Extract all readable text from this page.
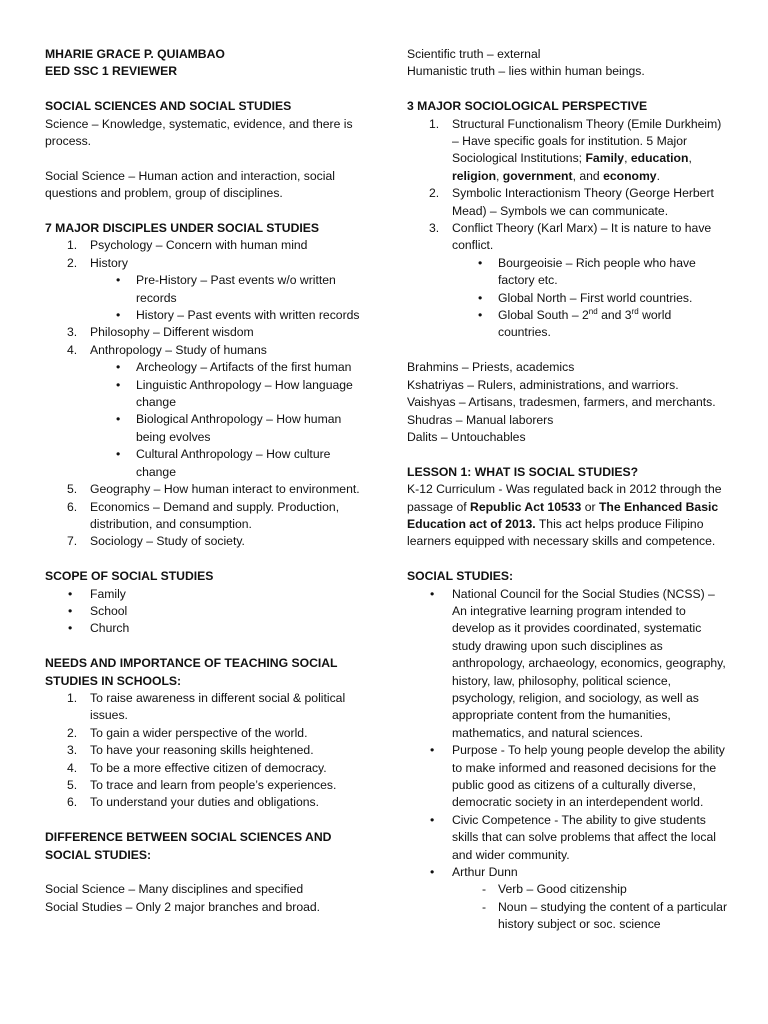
MHARIE GRACE P. QUIAMBAO

EED SSC 1 REVIEWER

SOCIAL SCIENCES AND SOCIAL STUDIES

Science – Knowledge, systematic, evidence, and there is process.

Social Science – Human action and interaction, social questions and problem, group of disciplines.

7 MAJOR DISCIPLES UNDER SOCIAL STUDIES

1. Psychology – Concern with human mind
2. History
• Pre-History – Past events w/o written records
• History – Past events with written records
3. Philosophy – Different wisdom
4. Anthropology – Study of humans
• Archeology – Artifacts of the first human
• Linguistic Anthropology – How language change
• Biological Anthropology – How human being evolves
• Cultural Anthropology – How culture change
5. Geography – How human interact to environment.
6. Economics – Demand and supply. Production, distribution, and consumption.
7. Sociology – Study of society.

SCOPE OF SOCIAL STUDIES

• Family
• School
• Church

NEEDS AND IMPORTANCE OF TEACHING SOCIAL STUDIES IN SCHOOLS:

1. To raise awareness in different social & political issues.
2. To gain a wider perspective of the world.
3. To have your reasoning skills heightened.
4. To be a more effective citizen of democracy.
5. To trace and learn from people’s experiences.
6. To understand your duties and obligations.

DIFFERENCE BETWEEN SOCIAL SCIENCES AND SOCIAL STUDIES:

Social Science – Many disciplines and specified

Social Studies – Only 2 major branches and broad.

Scientific truth – external

Humanistic truth – lies within human beings.

3 MAJOR SOCIOLOGICAL PERSPECTIVE

1. Structural Functionalism Theory (Emile Durkheim) – Have specific goals for institution. 5 Major Sociological Institutions; Family, education, religion, government, and economy.
2. Symbolic Interactionism Theory (George Herbert Mead) – Symbols we can communicate.
3. Conflict Theory (Karl Marx) – It is nature to have conflict.
• Bourgeoisie – Rich people who have factory etc.
• Global North – First world countries.
• Global South – 2nd and 3rd world countries.

Brahmins – Priests, academics

Kshatriyas – Rulers, administrations, and warriors.

Vaishyas – Artisans, tradesmen, farmers, and merchants.

Shudras – Manual laborers

Dalits – Untouchables

LESSON 1: WHAT IS SOCIAL STUDIES?

K-12 Curriculum - Was regulated back in 2012 through the passage of Republic Act 10533 or The Enhanced Basic Education act of 2013. This act helps produce Filipino learners equipped with necessary skills and competence.

SOCIAL STUDIES:

• National Council for the Social Studies (NCSS) – An integrative learning program intended to develop as it provides coordinated, systematic study drawing upon such disciplines as anthropology, archaeology, economics, geography, history, law, philosophy, political science, psychology, religion, and sociology, as well as appropriate content from the humanities, mathematics, and natural sciences.
• Purpose - To help young people develop the ability to make informed and reasoned decisions for the public good as citizens of a culturally diverse, democratic society in an interdependent world.
• Civic Competence - The ability to give students skills that can solve problems that affect the local and wider community.
• Arthur Dunn
- Verb – Good citizenship
- Noun – studying the content of a particular history subject or soc. science
